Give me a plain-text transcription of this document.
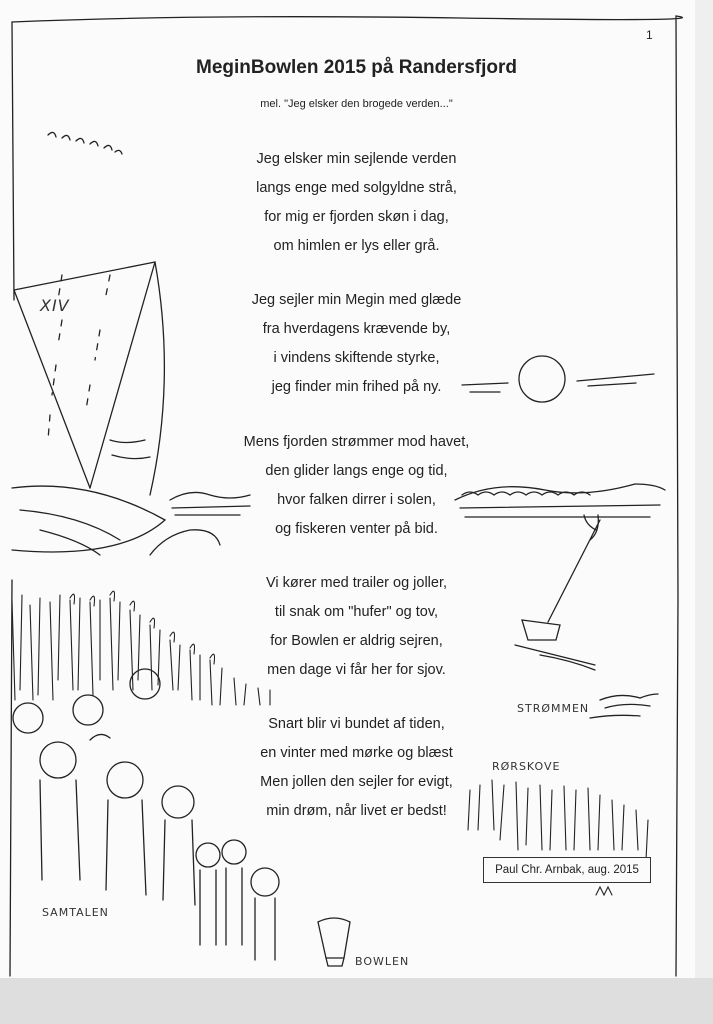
1
MeginBowlen 2015 på Randersfjord
mel. "Jeg elsker den brogede verden..."
Jeg elsker min sejlende verden
langs enge med solgyldne strå,
for mig er fjorden skøn i dag,
om himlen er lys eller grå.
Jeg sejler min Megin med glæde
fra hverdagens krævende by,
i vindens skiftende styrke,
jeg finder min frihed på ny.
Mens fjorden strømmer mod havet,
den glider langs enge og tid,
hvor falken dirrer i solen,
og fiskeren venter på bid.
Vi kører med trailer og joller,
til snak om "hufer" og tov,
for Bowlen er aldrig sejren,
men dage vi får her for sjov.
Snart blir vi bundet af tiden,
en vinter med mørke og blæst
Men jollen den sejler for evigt,
min drøm, når livet er bedst!
XIV
STRØMMEN
RØRSKOVE
SAMTALEN
BOWLEN
Paul Chr. Arnbak, aug. 2015
